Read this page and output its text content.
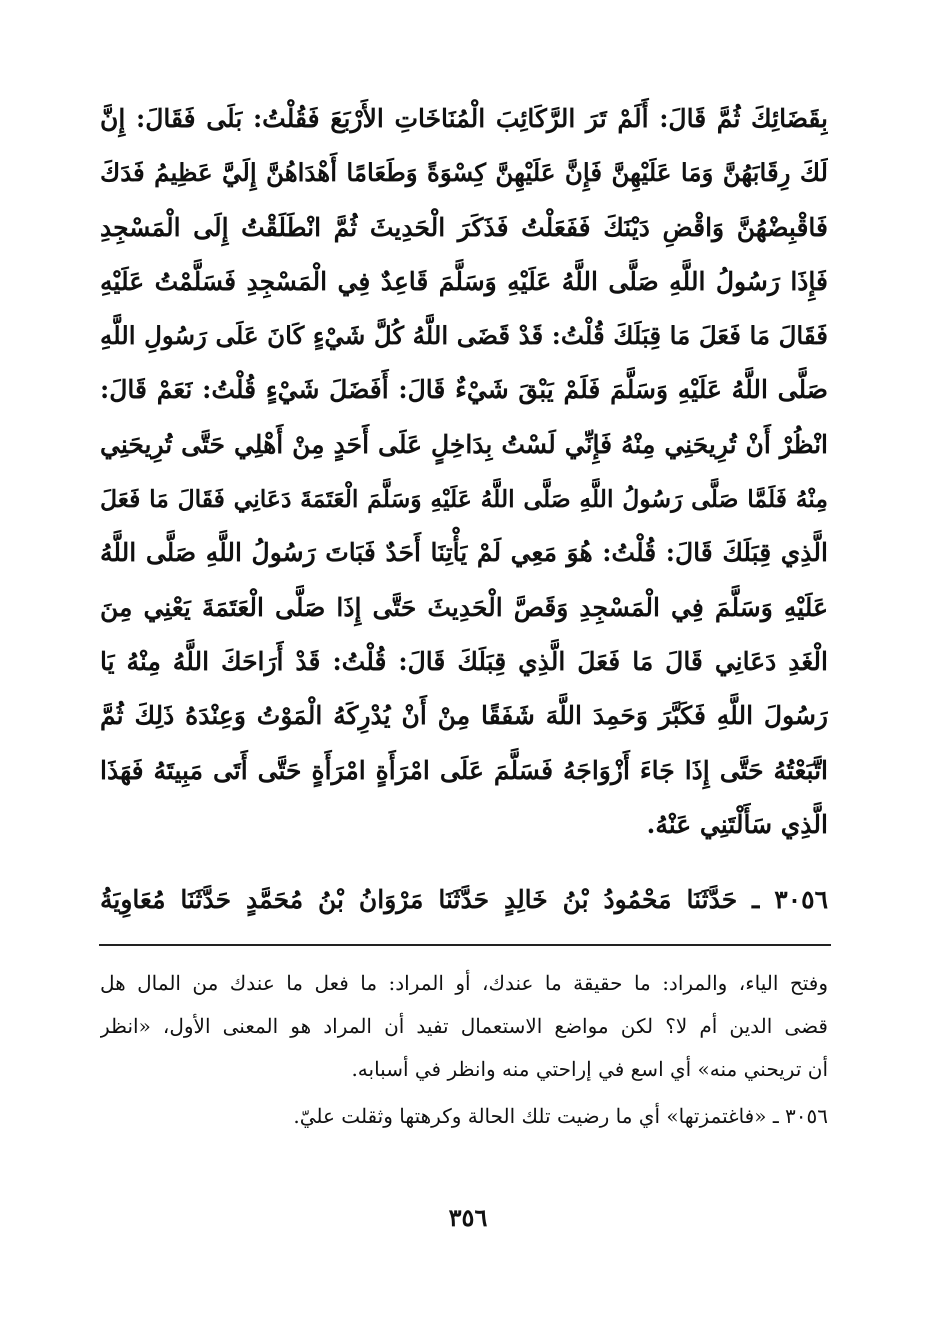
بِقَضَائِكَ ثُمَّ قَالَ: أَلَمْ تَرَ الرَّكَائِبَ الْمُنَاخَاتِ الأَرْبَعَ فَقُلْتُ: بَلَى فَقَالَ: إِنَّ
لَكَ رِقَابَهُنَّ وَمَا عَلَيْهِنَّ فَإِنَّ عَلَيْهِنَّ كِسْوَةً وَطَعَامًا أَهْدَاهُنَّ إِلَيَّ عَظِيمُ فَدَكَ
فَاقْبِضْهُنَّ وَاقْضِ دَيْنَكَ فَفَعَلْتُ فَذَكَرَ الْحَدِيثَ ثُمَّ انْطَلَقْتُ إِلَى الْمَسْجِدِ
فَإِذَا رَسُولُ اللَّهِ صَلَّى اللَّهُ عَلَيْهِ وَسَلَّمَ قَاعِدٌ فِي الْمَسْجِدِ فَسَلَّمْتُ عَلَيْهِ
فَقَالَ مَا فَعَلَ مَا قِبَلَكَ قُلْتُ: قَدْ قَضَى اللَّهُ كُلَّ شَيْءٍ كَانَ عَلَى رَسُولِ اللَّهِ
صَلَّى اللَّهُ عَلَيْهِ وَسَلَّمَ فَلَمْ يَبْقَ شَيْءٌ قَالَ: أَفَضَلَ شَيْءٍ قُلْتُ: نَعَمْ قَالَ:
انْظُرْ أَنْ تُرِيحَنِي مِنْهُ فَإِنِّي لَسْتُ بِدَاخِلٍ عَلَى أَحَدٍ مِنْ أَهْلِي حَتَّى تُرِيحَنِي
مِنْهُ فَلَمَّا صَلَّى رَسُولُ اللَّهِ صَلَّى اللَّهُ عَلَيْهِ وَسَلَّمَ الْعَتَمَةَ دَعَانِي فَقَالَ مَا فَعَلَ
الَّذِي قِبَلَكَ قَالَ: قُلْتُ: هُوَ مَعِي لَمْ يَأْتِنَا أَحَدٌ فَبَاتَ رَسُولُ اللَّهِ صَلَّى اللَّهُ
عَلَيْهِ وَسَلَّمَ فِي الْمَسْجِدِ وَقَصَّ الْحَدِيثَ حَتَّى إِذَا صَلَّى الْعَتَمَةَ يَعْنِي مِنَ
الْغَدِ دَعَانِي قَالَ مَا فَعَلَ الَّذِي قِبَلَكَ قَالَ: قُلْتُ: قَدْ أَرَاحَكَ اللَّهُ مِنْهُ يَا
رَسُولَ اللَّهِ فَكَبَّرَ وَحَمِدَ اللَّهَ شَفَقًا مِنْ أَنْ يُدْرِكَهُ الْمَوْتُ وَعِنْدَهُ ذَلِكَ ثُمَّ
اتَّبَعْتُهُ حَتَّى إِذَا جَاءَ أَزْوَاجَهُ فَسَلَّمَ عَلَى امْرَأَةٍ امْرَأَةٍ حَتَّى أَتَى مَبِيتَهُ فَهَذَا
الَّذِي سَأَلْتَنِي عَنْهُ.
٣٠٥٦ ـ حَدَّثَنَا مَحْمُودُ بْنُ خَالِدٍ حَدَّثَنَا مَرْوَانُ بْنُ مُحَمَّدٍ حَدَّثَنَا مُعَاوِيَةُ
وفتح الياء، والمراد: ما حقيقة ما عندك، أو المراد: ما فعل ما عندك من المال هل
قضى الدين أم لا؟ لكن مواضع الاستعمال تفيد أن المراد هو المعنى الأول، «انظر
أن تريحني منه» أي اسع في إراحتي منه وانظر في أسبابه.
٣٠٥٦ ـ «فاغتمزتها» أي ما رضيت تلك الحالة وكرهتها وثقلت عليّ.
٣٥٦
